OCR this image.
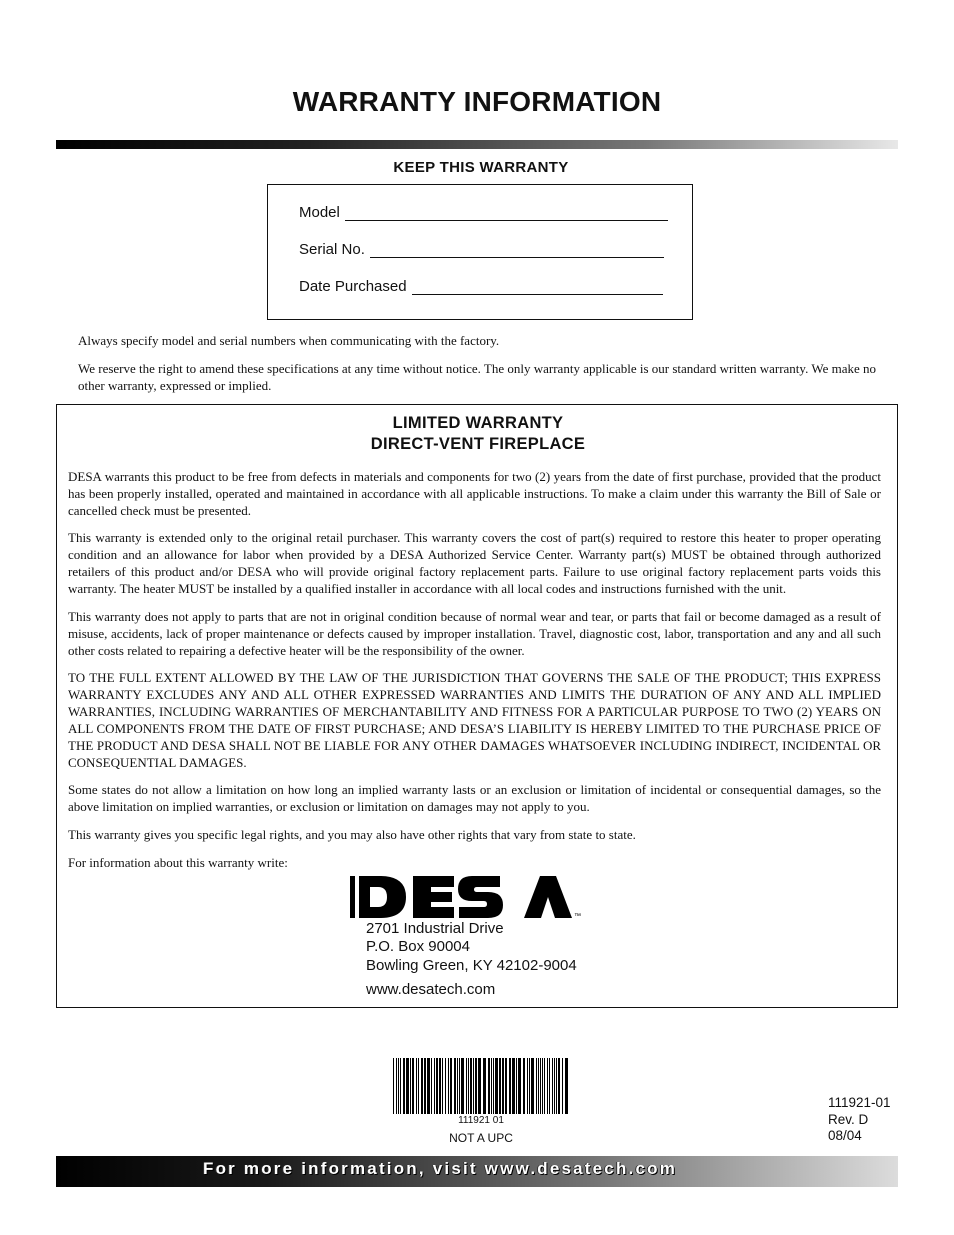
WARRANTY INFORMATION
KEEP THIS WARRANTY
Model
Serial No.
Date Purchased
Always specify model and serial numbers when communicating with the factory.
We reserve the right to amend these specifications at any time without notice. The only warranty applicable is our standard written warranty. We make no other warranty, expressed or implied.
LIMITED WARRANTY
DIRECT-VENT FIREPLACE
DESA warrants this product to be free from defects in materials and components for two (2) years from the date of first purchase, provided that the product has been properly installed, operated and maintained in accordance with all applicable instructions. To make a claim under this warranty the Bill of Sale or cancelled check must be presented.
This warranty is extended only to the original retail purchaser. This warranty covers the cost of part(s) required to restore this heater to proper operating condition and an allowance for labor when provided by a DESA Authorized Service Center. Warranty part(s) MUST be obtained through authorized retailers of this product and/or DESA who will provide original factory replacement parts. Failure to use original factory replacement parts voids this warranty. The heater MUST be installed by a qualified installer in accordance with all local codes and instructions furnished with the unit.
This warranty does not apply to parts that are not in original condition because of normal wear and tear, or parts that fail or become damaged as a result of misuse, accidents, lack of proper maintenance or defects caused by improper installation. Travel, diagnostic cost, labor, transportation and any and all such other costs related to repairing a defective heater will be the responsibility of the owner.
TO THE FULL EXTENT ALLOWED BY THE LAW OF THE JURISDICTION THAT GOVERNS THE SALE OF THE PRODUCT; THIS EXPRESS WARRANTY EXCLUDES ANY AND ALL OTHER EXPRESSED WARRANTIES AND LIMITS THE DURATION OF ANY AND ALL IMPLIED WARRANTIES, INCLUDING WARRANTIES OF MERCHANTABILITY AND FITNESS FOR A PARTICULAR PURPOSE TO TWO (2) YEARS ON ALL COMPONENTS FROM THE DATE OF FIRST PURCHASE; AND DESA’S LIABILITY IS HEREBY LIMITED TO THE PURCHASE PRICE OF THE PRODUCT AND DESA SHALL NOT BE LIABLE FOR ANY OTHER DAMAGES WHATSOEVER INCLUDING INDIRECT, INCIDENTAL OR CONSEQUENTIAL DAMAGES.
Some states do not allow a limitation on how long an implied warranty lasts or an exclusion or limitation of incidental or consequential damages, so the above limitation on implied warranties, or exclusion or limitation on damages may not apply to you.
This warranty gives you specific legal rights, and you may also have other rights that vary from state to state.
For information about this warranty write:
™
2701 Industrial Drive
P.O. Box 90004
Bowling Green, KY 42102-9004
www.desatech.com
111921 01
NOT A UPC
111921-01
Rev. D
08/04
For more information, visit www.desatech.com
